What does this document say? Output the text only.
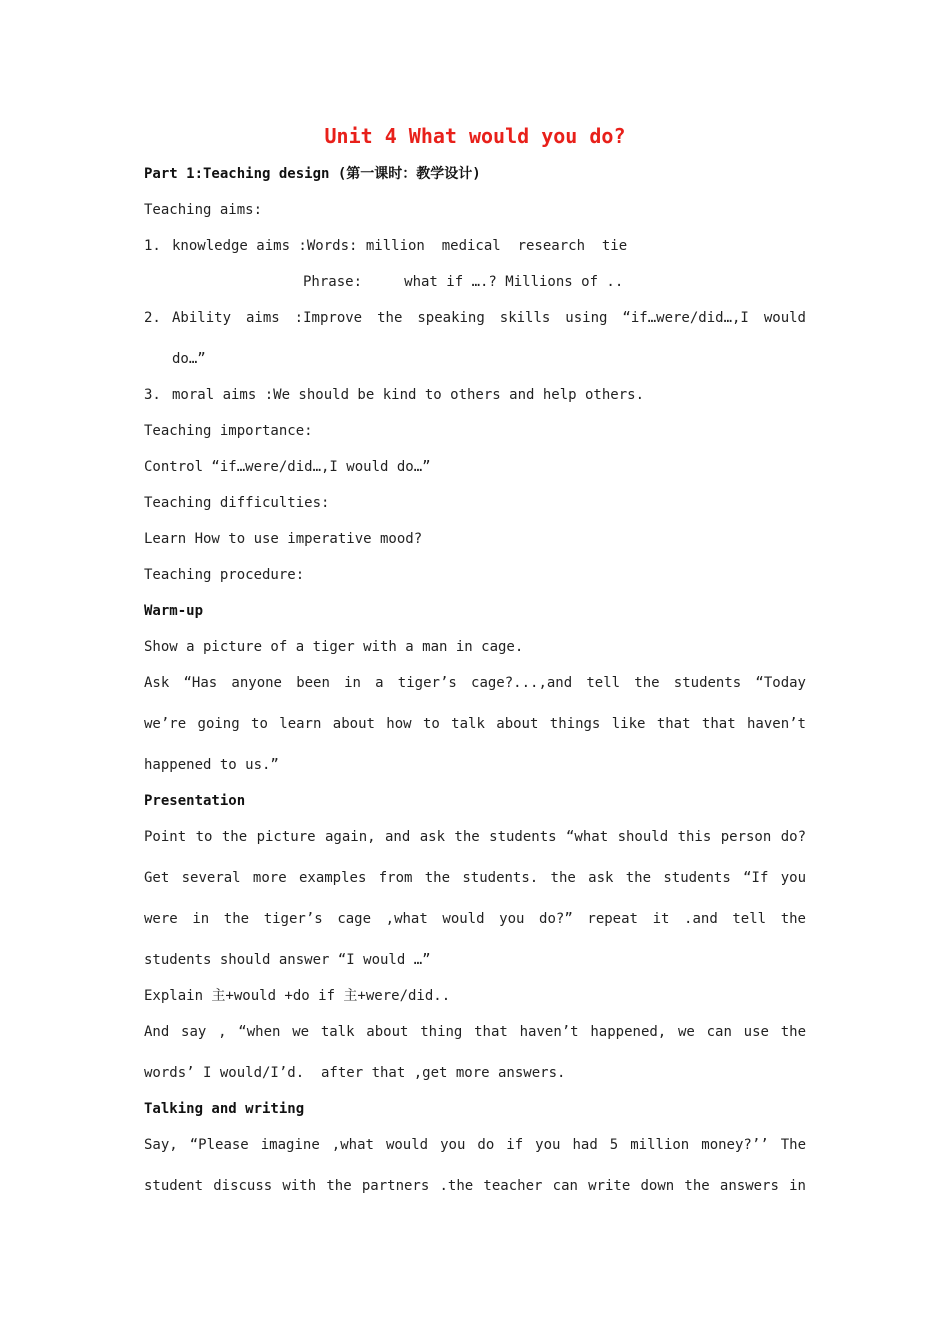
Unit 4 What would you do?
Part 1:Teaching design (第一课时：教学设计)
Teaching aims:
1. knowledge aims :Words: million  medical  research  tie
Phrase:     what if ….? Millions of ..
2. Ability aims :Improve the speaking skills using “if…were/did…,I would
do…”
3. moral aims :We should be kind to others and help others.
Teaching importance:
Control “if…were/did…,I would do…”
Teaching difficulties:
Learn How to use imperative mood?
Teaching procedure:
Warm-up
Show a picture of a tiger with a man in cage.
Ask “Has anyone been in a tiger’s cage?...,and tell the students “Today
we’re going to learn about how to talk about things like that that haven’t
happened to us.”
Presentation
Point to the picture again, and ask the students “what should this person do?
Get several more examples from the students. the ask the students “If you
were in the tiger’s cage ,what would you do?” repeat it .and tell the
students should answer “I would …”
Explain 主+would +do if 主+were/did..
And say , “when we talk about thing that haven’t happened, we can use the
words’ I would/I’d.  after that ,get more answers.
Talking and writing
Say, “Please imagine ,what would you do if you had 5 million money?’’ The
student discuss with the partners .the teacher can write down the answers in
